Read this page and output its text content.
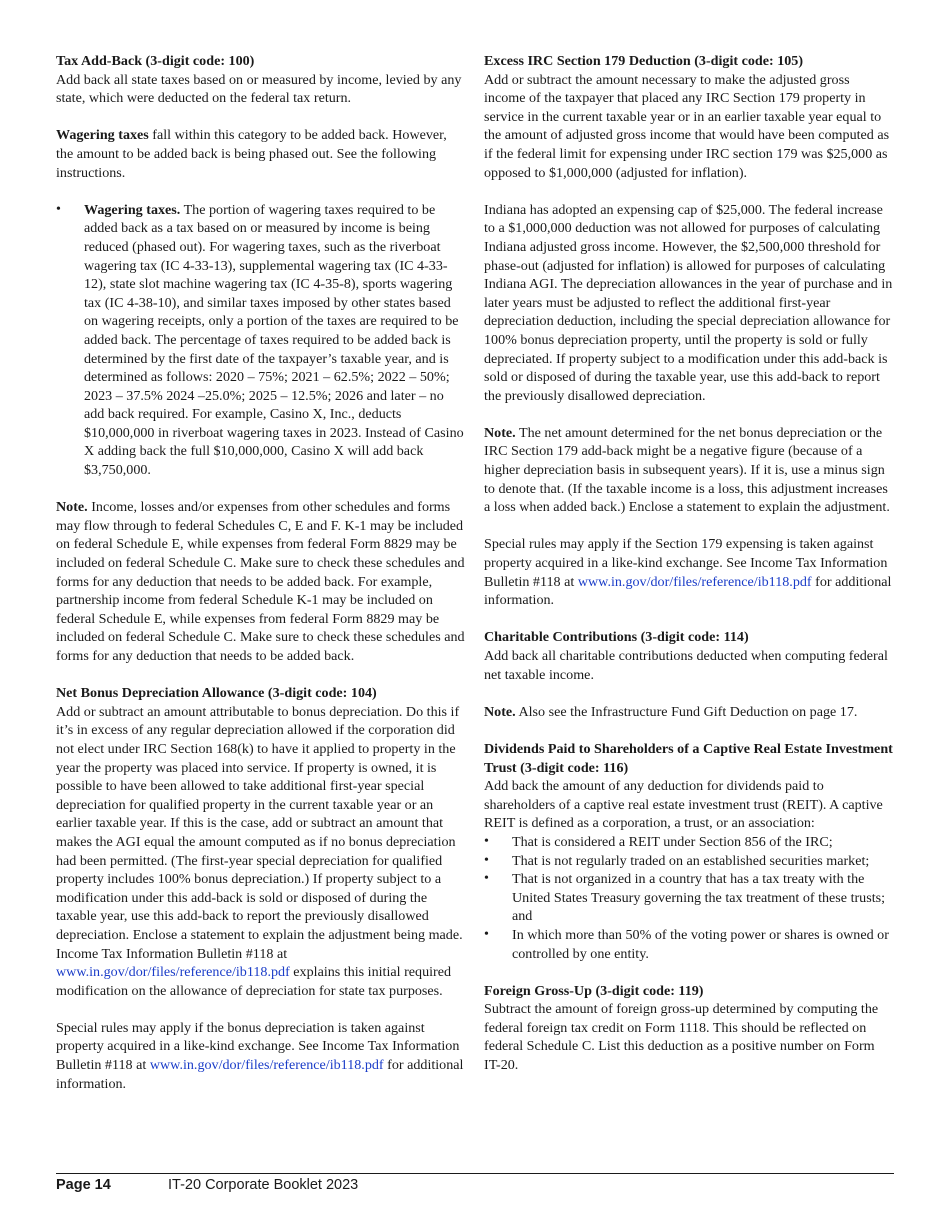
Tax Add-Back (3-digit code: 100)

Add back all state taxes based on or measured by income, levied by any state, which were deducted on the federal tax return.

Wagering taxes fall within this category to be added back. However, the amount to be added back is being phased out. See the following instructions.

• Wagering taxes. The portion of wagering taxes required to be added back as a tax based on or measured by income is being reduced (phased out). For wagering taxes, such as the riverboat wagering tax (IC 4-33-13), supplemental wagering tax (IC 4-33-12), state slot machine wagering tax (IC 4-35-8), sports wagering tax (IC 4-38-10), and similar taxes imposed by other states based on wagering receipts, only a portion of the taxes are required to be added back. The percentage of taxes required to be added back is determined by the first date of the taxpayer’s taxable year, and is determined as follows: 2020 – 75%; 2021 – 62.5%; 2022 – 50%; 2023 – 37.5% 2024 –25.0%; 2025 – 12.5%; 2026 and later – no add back required. For example, Casino X, Inc., deducts $10,000,000 in riverboat wagering taxes in 2023. Instead of Casino X adding back the full $10,000,000, Casino X will add back $3,750,000.

Note. Income, losses and/or expenses from other schedules and forms may flow through to federal Schedules C, E and F. K-1 may be included on federal Schedule E, while expenses from federal Form 8829 may be included on federal Schedule C. Make sure to check these schedules and forms for any deduction that needs to be added back. For example, partnership income from federal Schedule K-1 may be included on federal Schedule E, while expenses from federal Form 8829 may be included on federal Schedule C. Make sure to check these schedules and forms for any deduction that needs to be added back.

Net Bonus Depreciation Allowance (3-digit code: 104)

Add or subtract an amount attributable to bonus depreciation. Do this if it’s in excess of any regular depreciation allowed if the corporation did not elect under IRC Section 168(k) to have it applied to property in the year the property was placed into service. If property is owned, it is possible to have been allowed to take additional first-year special depreciation for qualified property in the current taxable year or an earlier taxable year. If this is the case, add or subtract an amount that makes the AGI equal the amount computed as if no bonus depreciation had been permitted. (The first-year special depreciation for qualified property includes 100% bonus depreciation.) If property subject to a modification under this add-back is sold or disposed of during the taxable year, use this add-back to report the previously disallowed depreciation. Enclose a statement to explain the adjustment being made. Income Tax Information Bulletin #118 at www.in.gov/dor/files/reference/ib118.pdf explains this initial required modification on the allowance of depreciation for state tax purposes.

Special rules may apply if the bonus depreciation is taken against property acquired in a like-kind exchange. See Income Tax Information Bulletin #118 at www.in.gov/dor/files/reference/ib118.pdf for additional information.

Excess IRC Section 179 Deduction (3-digit code: 105)

Add or subtract the amount necessary to make the adjusted gross income of the taxpayer that placed any IRC Section 179 property in service in the current taxable year or in an earlier taxable year equal to the amount of adjusted gross income that would have been computed as if the federal limit for expensing under IRC section 179 was $25,000 as opposed to $1,000,000 (adjusted for inflation).

Indiana has adopted an expensing cap of $25,000. The federal increase to a $1,000,000 deduction was not allowed for purposes of calculating Indiana adjusted gross income. However, the $2,500,000 threshold for phase-out (adjusted for inflation) is allowed for purposes of calculating Indiana AGI. The depreciation allowances in the year of purchase and in later years must be adjusted to reflect the additional first-year depreciation deduction, including the special depreciation allowance for 100% bonus depreciation property, until the property is sold or fully depreciated. If property subject to a modification under this add-back is sold or disposed of during the taxable year, use this add-back to report the previously disallowed depreciation.

Note. The net amount determined for the net bonus depreciation or the IRC Section 179 add-back might be a negative figure (because of a higher depreciation basis in subsequent years). If it is, use a minus sign to denote that. (If the taxable income is a loss, this adjustment increases a loss when added back.) Enclose a statement to explain the adjustment.

Special rules may apply if the Section 179 expensing is taken against property acquired in a like-kind exchange. See Income Tax Information Bulletin #118 at www.in.gov/dor/files/reference/ib118.pdf for additional information.

Charitable Contributions (3-digit code: 114)

Add back all charitable contributions deducted when computing federal net taxable income.

Note. Also see the Infrastructure Fund Gift Deduction on page 17.

Dividends Paid to Shareholders of a Captive Real Estate Investment Trust (3-digit code: 116)
Add back the amount of any deduction for dividends paid to shareholders of a captive real estate investment trust (REIT). A captive REIT is defined as a corporation, a trust, or an association:
• That is considered a REIT under Section 856 of the IRC;
• That is not regularly traded on an established securities market;
• That is not organized in a country that has a tax treaty with the United States Treasury governing the tax treatment of these trusts; and
• In which more than 50% of the voting power or shares is owned or controlled by one entity.
Foreign Gross-Up (3-digit code: 119)

Subtract the amount of foreign gross-up determined by computing the federal foreign tax credit on Form 1118. This should be reflected on federal Schedule C. List this deduction as a positive number on Form IT-20.

Page 14	IT-20 Corporate Booklet 2023
